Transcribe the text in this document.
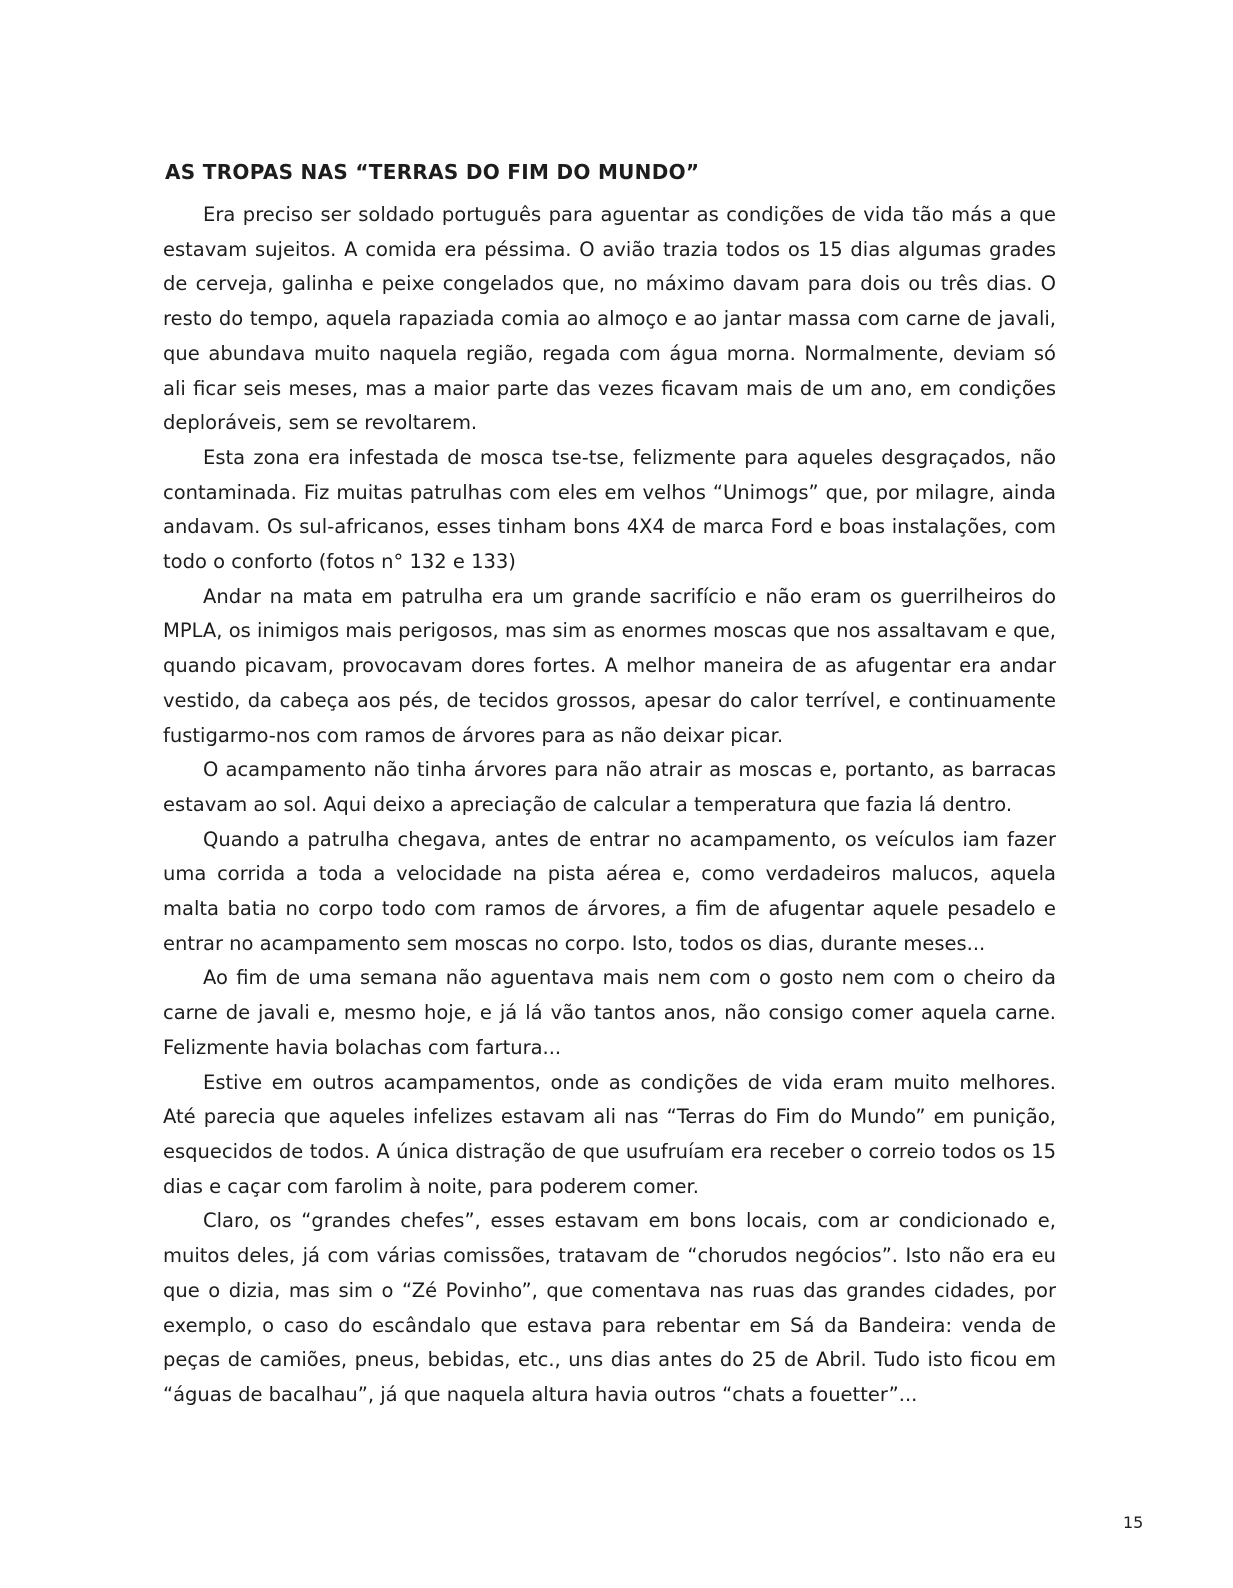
AS TROPAS NAS “TERRAS DO FIM DO MUNDO”

Era preciso ser soldado português para aguentar as condições de vida tão más a que estavam sujeitos. A comida era péssima. O avião trazia todos os 15 dias algumas grades de cerveja, galinha e peixe congelados que, no máximo davam para dois ou três dias. O resto do tempo, aquela rapaziada comia ao almoço e ao jantar massa com carne de javali, que abundava muito naquela região, regada com água morna. Normalmente, deviam só ali ficar seis meses, mas a maior parte das vezes ficavam mais de um ano, em condições deploráveis, sem se revoltarem.

Esta zona era infestada de mosca tse-tse, felizmente para aqueles desgraçados, não contaminada. Fiz muitas patrulhas com eles em velhos “Unimogs” que, por milagre, ainda andavam. Os sul-africanos, esses tinham bons 4X4 de marca Ford e boas instalações, com todo o conforto (fotos n° 132 e 133)

Andar na mata em patrulha era um grande sacrifício e não eram os guerrilheiros do MPLA, os inimigos mais perigosos, mas sim as enormes moscas que nos assaltavam e que, quando picavam, provocavam dores fortes. A melhor maneira de as afugentar era andar vestido, da cabeça aos pés, de tecidos grossos, apesar do calor terrível, e continuamente fustigarmo-nos com ramos de árvores para as não deixar picar.

O acampamento não tinha árvores para não atrair as moscas e, portanto, as barracas estavam ao sol. Aqui deixo a apreciação de calcular a temperatura que fazia lá dentro.

Quando a patrulha chegava, antes de entrar no acampamento, os veículos iam fazer uma corrida a toda a velocidade na pista aérea e, como verdadeiros malucos, aquela malta batia no corpo todo com ramos de árvores, a fim de afugentar aquele pesadelo e entrar no acampamento sem moscas no corpo. Isto, todos os dias, durante meses...

Ao fim de uma semana não aguentava mais nem com o gosto nem com o cheiro da carne de javali e, mesmo hoje, e já lá vão tantos anos, não consigo comer aquela carne. Felizmente havia bolachas com fartura...

Estive em outros acampamentos, onde as condições de vida eram muito melhores. Até parecia que aqueles infelizes estavam ali nas “Terras do Fim do Mundo” em punição, esquecidos de todos. A única distração de que usufruíam era receber o correio todos os 15 dias e caçar com farolim à noite, para poderem comer.

Claro, os “grandes chefes”, esses estavam em bons locais, com ar condicionado e, muitos deles, já com várias comissões, tratavam de “chorudos negócios”. Isto não era eu que o dizia, mas sim o “Zé Povinho”, que comentava nas ruas das grandes cidades, por exemplo, o caso do escândalo que estava para rebentar em Sá da Bandeira: venda de peças de camiões, pneus, bebidas, etc., uns dias antes do 25 de Abril. Tudo isto ficou em “águas de bacalhau”, já que naquela altura havia outros “chats a fouetter”...

15
